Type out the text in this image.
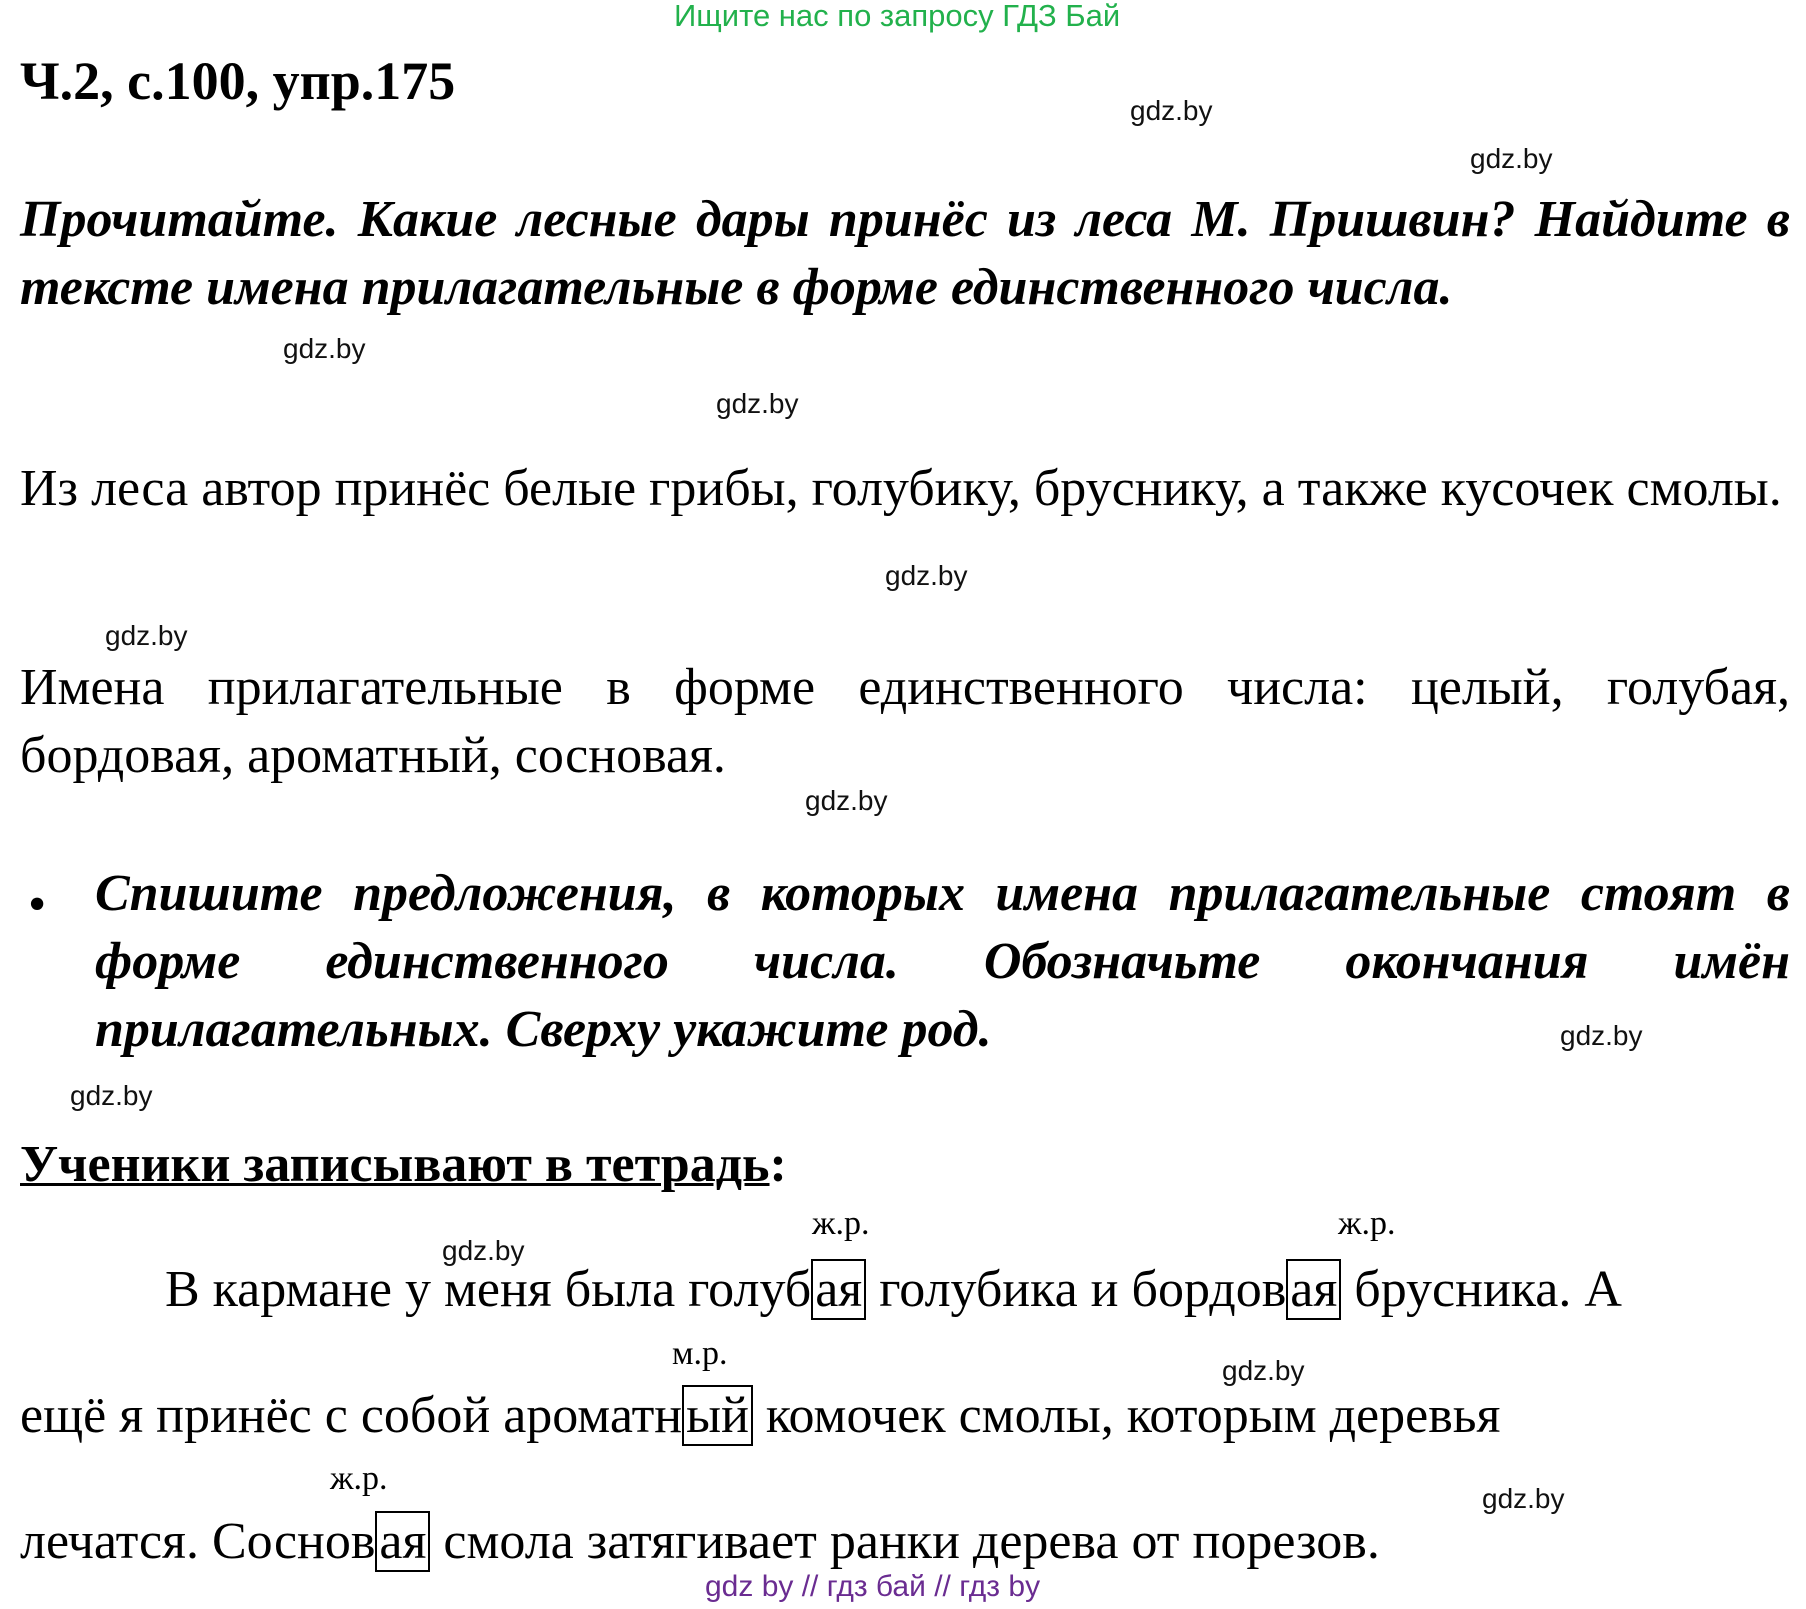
Ищите нас по запросу ГДЗ Бай
Ч.2, с.100, упр.175
Прочитайте. Какие лесные дары принёс из леса М. Пришвин? Найдите в тексте имена прилагательные в форме единственного числа.
Из леса автор принёс белые грибы, голубику, бруснику, а также кусочек смолы.
Имена прилагательные в форме единственного числа: целый, голубая, бордовая, ароматный, сосновая.
• Спишите предложения, в которых имена прилагательные стоят в форме единственного числа. Обозначьте окончания имён прилагательных. Сверху укажите род.
Ученики записывают в тетрадь:
ж.р.	ж.р.
м.р.
ж.р.
В кармане у меня была голубая голубика и бордовая брусника. А
ещё я принёс с собой ароматный комочек смолы, которым деревья
лечатся. Сосновая смола затягивает ранки дерева от порезов.
gdz.by
gdz.by
gdz.by
gdz.by
gdz.by
gdz.by
gdz.by
gdz.by
gdz.by
gdz.by
gdz.by
gdz.by
gdz by // гдз бай // гдз by
